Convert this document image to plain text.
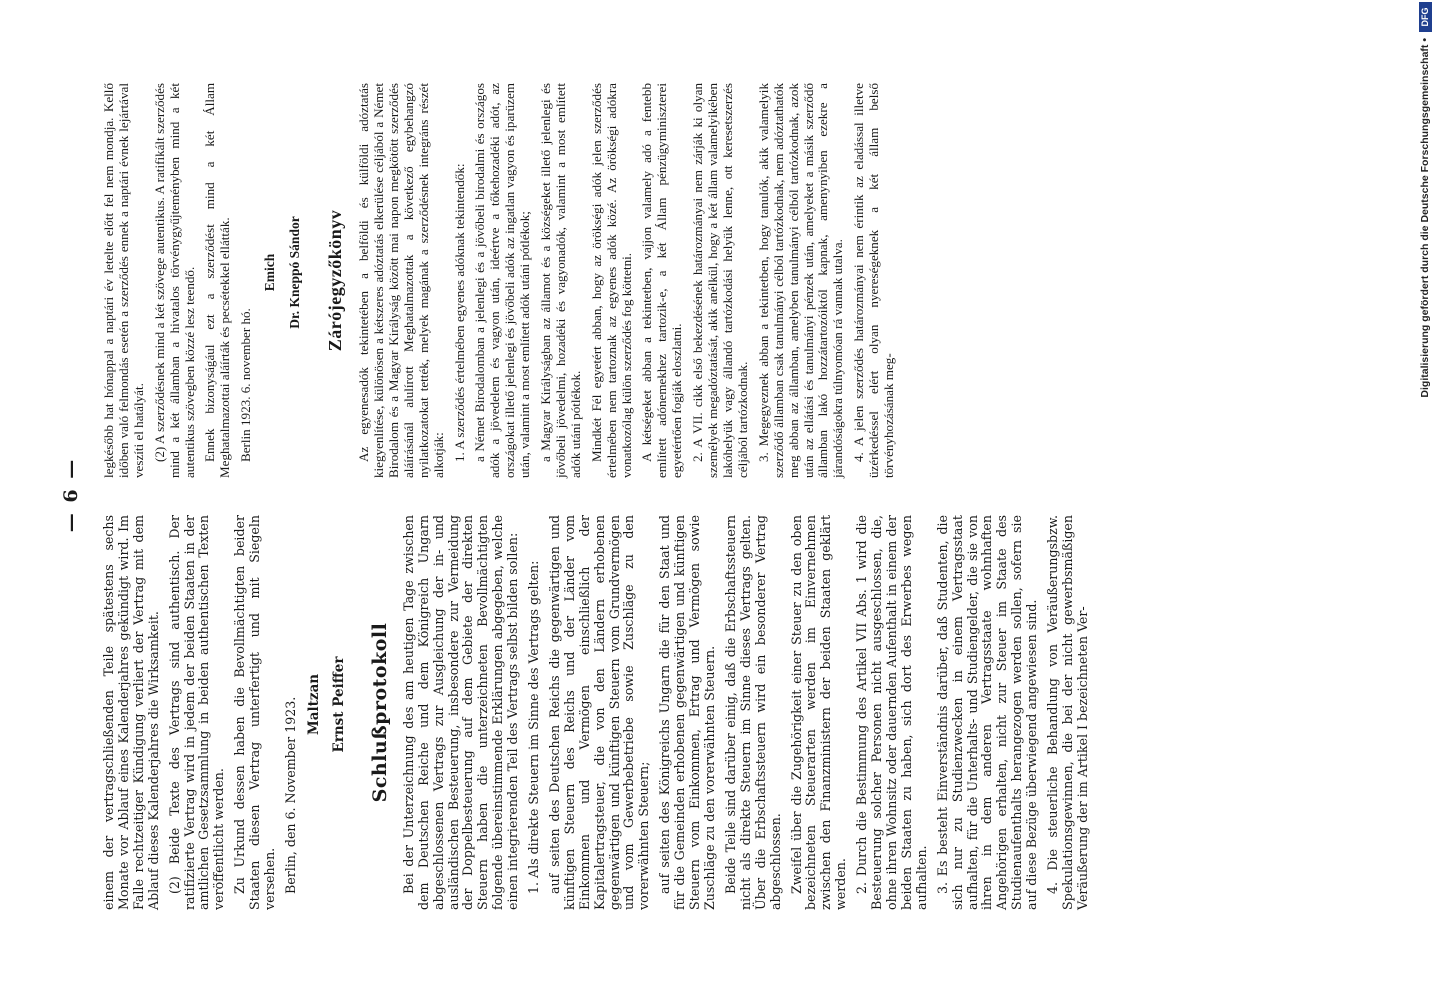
— 6 —

einem der vertragschließenden Teile spätestens sechs Monate vor Ablauf eines Kalenderjahres gekündigt wird. Im Falle rechtzeitiger Kündigung verliert der Vertrag mit dem Ablauf dieses Kalenderjahres die Wirksamkeit. (2) Beide Texte des Vertrags sind authentisch. Der ratifizierte Vertrag wird in jedem der beiden Staaten in der amtlichen Gesetzsammlung in beiden authentischen Texten veröffentlicht werden. Zu Urkund dessen haben die Bevollmächtigten beider Staaten diesen Vertrag unterfertigt und mit Siegeln versehen. Berlin, den 6. November 1923. Maltzan Ernst Peiffer Schlußprotokoll Bei der Unterzeichnung des am heutigen Tage zwischen dem Deutschen Reiche und dem Königreich Ungarn abgeschlossenen Vertrags zur Ausgleichung der in- und ausländischen Besteuerung, insbesondere zur Vermeidung der Doppelbesteuerung auf dem Gebiete der direkten Steuern haben die unterzeichneten Bevollmächtigten folgende übereinstimmende Erklärungen abgegeben, welche einen integrierenden Teil des Vertrags selbst bilden sollen: 1. Als direkte Steuern im Sinne des Vertrags gelten: auf seiten des Deutschen Reichs die gegenwärtigen und künftigen Steuern des Reichs und der Länder vom Einkommen und Vermögen einschließlich der Kapitalertragsteuer, die von den Ländern erhobenen gegenwärtigen und künftigen Steuern vom Grundvermögen und vom Gewerbebetriebe sowie Zuschläge zu den vorerwähnten Steuern; auf seiten des Königreichs Ungarn die für den Staat und für die Gemeinden erhobenen gegenwärtigen und künftigen Steuern vom Einkommen, Ertrag und Vermögen sowie Zuschläge zu den vorerwähnten Steuern. Beide Teile sind darüber einig, daß die Erbschaftssteuern nicht als direkte Steuern im Sinne dieses Vertrags gelten. Über die Erbschaftssteuern wird ein besonderer Vertrag abgeschlossen. Zweifel über die Zugehörigkeit einer Steuer zu den oben bezeichneten Steuerarten werden im Einvernehmen zwischen den Finanzministern der beiden Staaten geklärt werden. 2. Durch die Bestimmung des Artikel VII Abs. 1 wird die Besteuerung solcher Personen nicht ausgeschlossen, die, ohne ihren Wohnsitz oder dauernden Aufenthalt in einem der beiden Staaten zu haben, sich dort des Erwerbes wegen aufhalten. 3. Es besteht Einverständnis darüber, daß Studenten, die sich nur zu Studienzwecken in einem Vertragsstaat aufhalten, für die Unterhalts- und Studiengelder, die sie von ihren in dem anderen Vertragsstaate wohnhaften Angehörigen erhalten, nicht zur Steuer im Staate des Studienaufenthalts herangezogen werden sollen, sofern sie auf diese Bezüge überwiegend angewiesen sind. 4. Die steuerliche Behandlung von Veräußerungsbzw. Spekulationsgewinnen, die bei der nicht gewerbsmäßigen Veräußerung der im Artikel I bezeichneten Ver-

legkésőbb hat hónappal a naptári év letelte előtt fel nem mondja. Kellő időben való felmondás esetén a szerződés ennek a naptári évnek lejártával veszíti el hatályát. (2) A szerződésnek mind a két szövege autentikus. A ratifikált szerződés mind a két államban a hivatalos törvénygyűjteményben mind a két autentikus szövegben közzé lesz teendő. Ennek bizonyságául ezt a szerződést mind a két Állam Meghatalmazottai aláírták és pecsétekkel ellátták. Berlin 1923. 6. november hó.

Emich Dr. Kneppó Sándor Zárójegyzőkönyv Az egyenesadók tekintetében a belföldi és külföldi adóztatás kiegyenlítése, különösen a kétszeres adóztatás elkerülése céljából a Német Birodalom és a Magyar Királyság között mai napon megkötött szerződés aláírásánál alulírott Meghatalmazottak a következő egybehangzó nyilatkozatokat tették, melyek magának a szerződésnek integráns részét alkotják: 1. A szerződés értelmében egyenes adóknak tekintendők: a Német Birodalomban a jelenlegi és a jövőbeli birodalmi és országos adók a jövedelem és vagyon után, ideértve a tőkehozadéki adót, az országokat illető jelenlegi és jövőbeli adók az ingatlan vagyon és iparüzem után, valamint a most említett adók utáni pótlékok; a Magyar Királyságban az államot és a községeket illető jelenlegi és jövőbeli jövedelmi, hozadéki és vagyonadók, valamint a most említett adók utáni pótlékok. Mindkét Fél egyetért abban, hogy az örökségi adók jelen szerződés értelmében nem tartoznak az egyenes adók közé. Az örökségi adókra vonatkozólag külön szerződés fog köttetni. A kétségeket abban a tekintetben, vajjon valamely adó a fentebb említett adónemekhez tartozik-e, a két Állam pénzügyminiszterei egyetértően fogják eloszlatni. 2. A VII. cikk első bekezdésének határozmányai nem zárják ki olyan személyek megadóztatását, akik anélkül, hogy a két állam valamelyikében lakóhelyük vagy állandó tartózkodási helyük lenne, ott keresetszerzés céljából tartózkodnak. 3. Megegyeznek abban a tekintetben, hogy tanulók, akik valamelyik szerződő államban csak tanulmányi célból tartózkodnak, nem adóztathatók meg abban az államban, amelyben tanulmányi célból tartózkodnak, azok után az ellátási és tanulmányi pénzek után, amelyeket a másik szerződő államban lakó hozzátartozóiktól kapnak, amenynyiben ezekre a járandóságokra túlnyomóan rá vannak utalva. 4. A jelen szerződés határozmányai nem érintik az eladással illetve üzérkedéssel elért olyan nyereségeknek a két állam belső törvényhozásának meg-

Digitalisierung gefördert durch die Deutsche Forschungsgemeinschaft •
DFG
